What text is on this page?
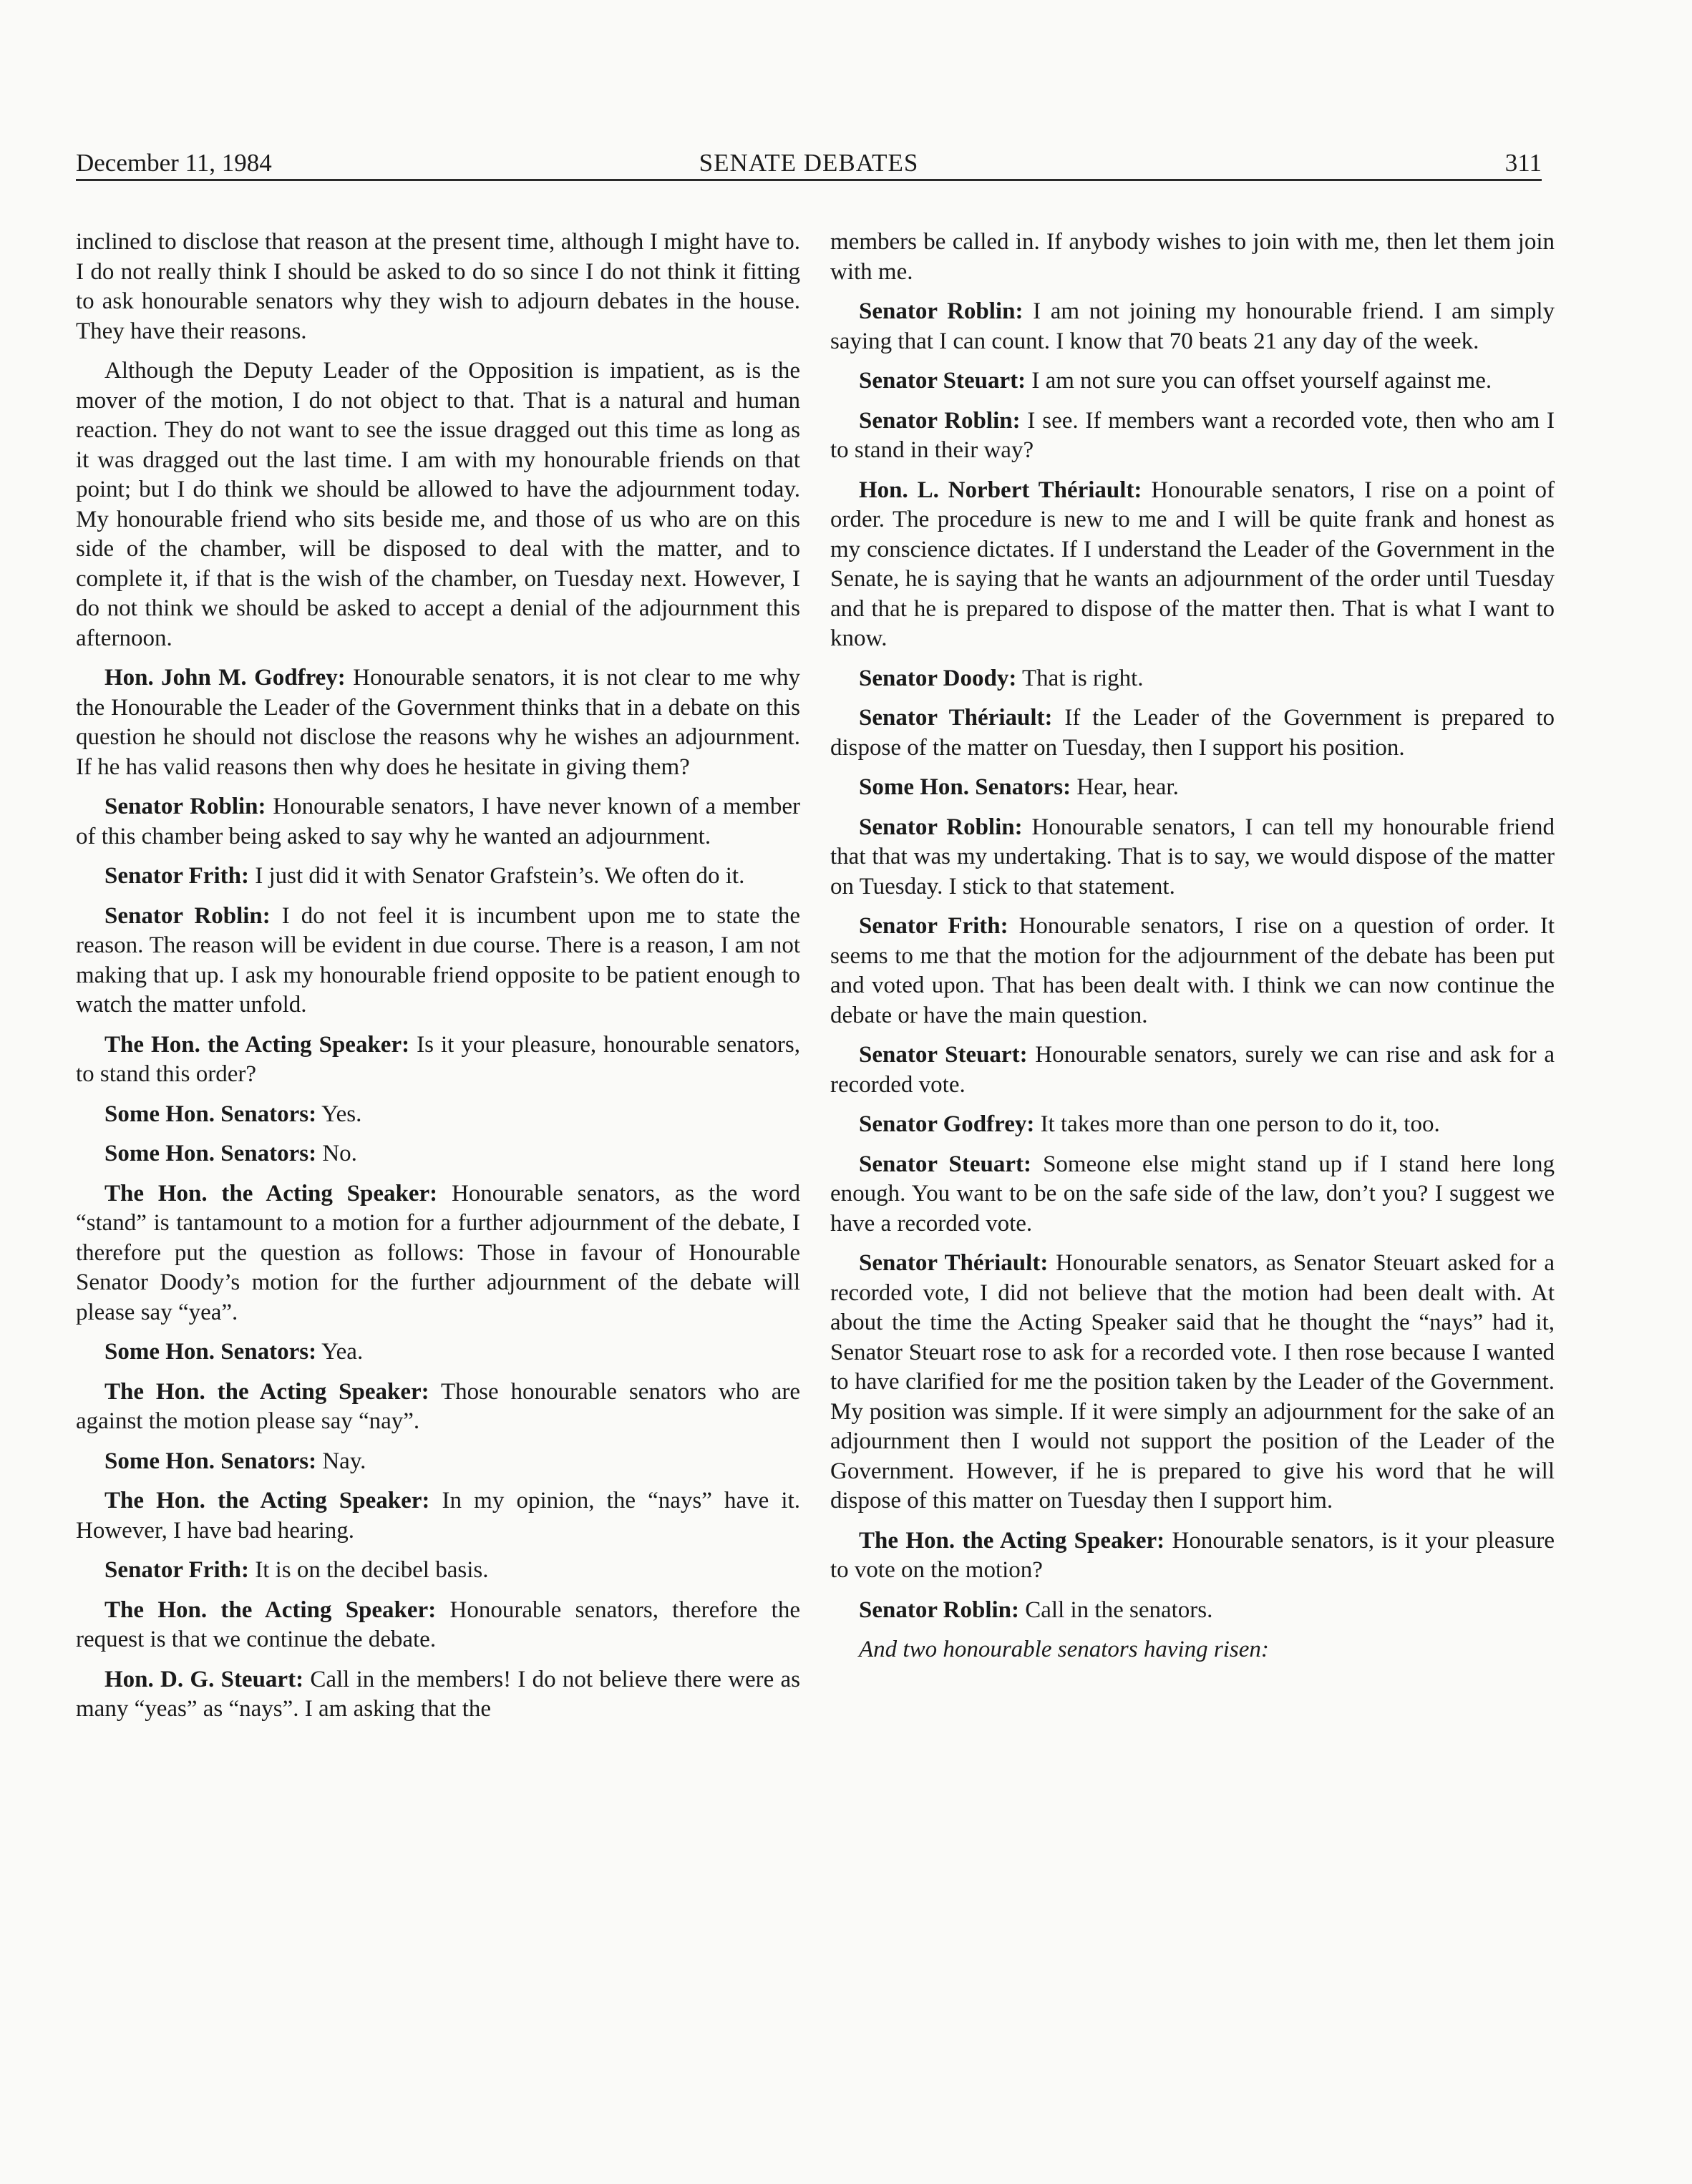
December 11, 1984	SENATE DEBATES	311

inclined to disclose that reason at the present time, although I might have to. I do not really think I should be asked to do so since I do not think it fitting to ask honourable senators why they wish to adjourn debates in the house. They have their reasons.

Although the Deputy Leader of the Opposition is impatient, as is the mover of the motion, I do not object to that. That is a natural and human reaction. They do not want to see the issue dragged out this time as long as it was dragged out the last time. I am with my honourable friends on that point; but I do think we should be allowed to have the adjournment today. My honourable friend who sits beside me, and those of us who are on this side of the chamber, will be disposed to deal with the matter, and to complete it, if that is the wish of the chamber, on Tuesday next. However, I do not think we should be asked to accept a denial of the adjournment this afternoon.

Hon. John M. Godfrey: Honourable senators, it is not clear to me why the Honourable the Leader of the Government thinks that in a debate on this question he should not disclose the reasons why he wishes an adjournment. If he has valid reasons then why does he hesitate in giving them?

Senator Roblin: Honourable senators, I have never known of a member of this chamber being asked to say why he wanted an adjournment.

Senator Frith: I just did it with Senator Grafstein’s. We often do it.

Senator Roblin: I do not feel it is incumbent upon me to state the reason. The reason will be evident in due course. There is a reason, I am not making that up. I ask my honourable friend opposite to be patient enough to watch the matter unfold.

The Hon. the Acting Speaker: Is it your pleasure, honourable senators, to stand this order?

Some Hon. Senators: Yes.

Some Hon. Senators: No.

The Hon. the Acting Speaker: Honourable senators, as the word “stand” is tantamount to a motion for a further adjournment of the debate, I therefore put the question as follows: Those in favour of Honourable Senator Doody’s motion for the further adjournment of the debate will please say “yea”.

Some Hon. Senators: Yea.

The Hon. the Acting Speaker: Those honourable senators who are against the motion please say “nay”.

Some Hon. Senators: Nay.

The Hon. the Acting Speaker: In my opinion, the “nays” have it. However, I have bad hearing.

Senator Frith: It is on the decibel basis.

The Hon. the Acting Speaker: Honourable senators, therefore the request is that we continue the debate.

Hon. D. G. Steuart: Call in the members! I do not believe there were as many “yeas” as “nays”. I am asking that the

members be called in. If anybody wishes to join with me, then let them join with me.

Senator Roblin: I am not joining my honourable friend. I am simply saying that I can count. I know that 70 beats 21 any day of the week.

Senator Steuart: I am not sure you can offset yourself against me.

Senator Roblin: I see. If members want a recorded vote, then who am I to stand in their way?

Hon. L. Norbert Thériault: Honourable senators, I rise on a point of order. The procedure is new to me and I will be quite frank and honest as my conscience dictates. If I understand the Leader of the Government in the Senate, he is saying that he wants an adjournment of the order until Tuesday and that he is prepared to dispose of the matter then. That is what I want to know.

Senator Doody: That is right.

Senator Thériault: If the Leader of the Government is prepared to dispose of the matter on Tuesday, then I support his position.

Some Hon. Senators: Hear, hear.

Senator Roblin: Honourable senators, I can tell my honourable friend that that was my undertaking. That is to say, we would dispose of the matter on Tuesday. I stick to that statement.

Senator Frith: Honourable senators, I rise on a question of order. It seems to me that the motion for the adjournment of the debate has been put and voted upon. That has been dealt with. I think we can now continue the debate or have the main question.

Senator Steuart: Honourable senators, surely we can rise and ask for a recorded vote.

Senator Godfrey: It takes more than one person to do it, too.

Senator Steuart: Someone else might stand up if I stand here long enough. You want to be on the safe side of the law, don’t you? I suggest we have a recorded vote.

Senator Thériault: Honourable senators, as Senator Steuart asked for a recorded vote, I did not believe that the motion had been dealt with. At about the time the Acting Speaker said that he thought the “nays” had it, Senator Steuart rose to ask for a recorded vote. I then rose because I wanted to have clarified for me the position taken by the Leader of the Government. My position was simple. If it were simply an adjournment for the sake of an adjournment then I would not support the position of the Leader of the Government. However, if he is prepared to give his word that he will dispose of this matter on Tuesday then I support him.

The Hon. the Acting Speaker: Honourable senators, is it your pleasure to vote on the motion?

Senator Roblin: Call in the senators.

And two honourable senators having risen:
